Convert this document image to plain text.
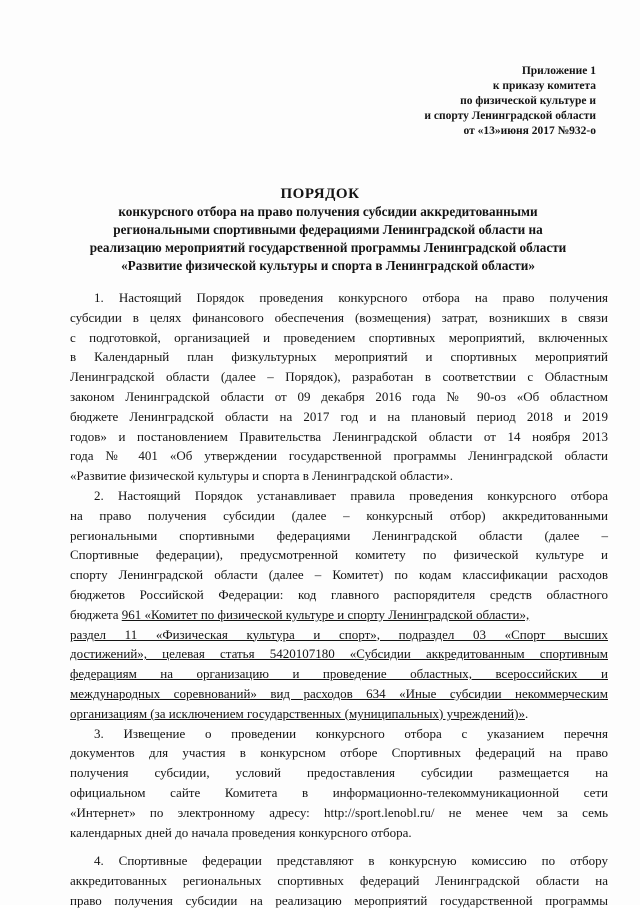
Приложение 1
к приказу комитета
по физической культуре и
и спорту Ленинградской области
от «13»июня 2017 №932-о
ПОРЯДОК
конкурсного отбора на право получения субсидии аккредитованными
региональными спортивными федерациями Ленинградской области на
реализацию мероприятий государственной программы Ленинградской области
«Развитие физической культуры и спорта в Ленинградской области»
1. Настоящий Порядок проведения конкурсного отбора на право получения
субсидии в целях финансового обеспечения (возмещения) затрат, возникших в связи
с подготовкой, организацией и проведением спортивных мероприятий, включенных
в Календарный план физкультурных мероприятий и спортивных мероприятий
Ленинградской области (далее – Порядок), разработан в соответствии с Областным
законом Ленинградской области от 09 декабря 2016 года № 90-оз «Об областном
бюджете Ленинградской области на 2017 год и на плановый период 2018 и 2019
годов» и постановлением Правительства Ленинградской области от 14 ноября 2013
года № 401 «Об утверждении государственной программы Ленинградской области
«Развитие физической культуры и спорта в Ленинградской области».
2. Настоящий Порядок устанавливает правила проведения конкурсного отбора
на право получения субсидии (далее – конкурсный отбор) аккредитованными
региональными спортивными федерациями Ленинградской области (далее –
Спортивные федерации), предусмотренной комитету по физической культуре и
спорту Ленинградской области (далее – Комитет) по кодам классификации расходов
бюджетов Российской Федерации: код главного распорядителя средств областного
бюджета 961 «Комитет по физической культуре и спорту Ленинградской области»,
раздел 11 «Физическая культура и спорт», подраздел 03 «Спорт высших
достижений», целевая статья 5420107180 «Субсидии аккредитованным спортивным
федерациям на организацию и проведение областных, всероссийских и
международных соревнований» вид расходов 634 «Иные субсидии некоммерческим
организациям (за исключением государственных (муниципальных) учреждений)».
3. Извещение о проведении конкурсного отбора с указанием перечня
документов для участия в конкурсном отборе Спортивных федераций на право
получения субсидии, условий предоставления субсидии размещается на
официальном сайте Комитета в информационно-телекоммуникационной сети
«Интернет» по электронному адресу: http://sport.lenobl.ru/ не менее чем за семь
календарных дней до начала проведения конкурсного отбора.
4. Спортивные федерации представляют в конкурсную комиссию по отбору
аккредитованных региональных спортивных федераций Ленинградской области на
право получения субсидии на реализацию мероприятий государственной программы
